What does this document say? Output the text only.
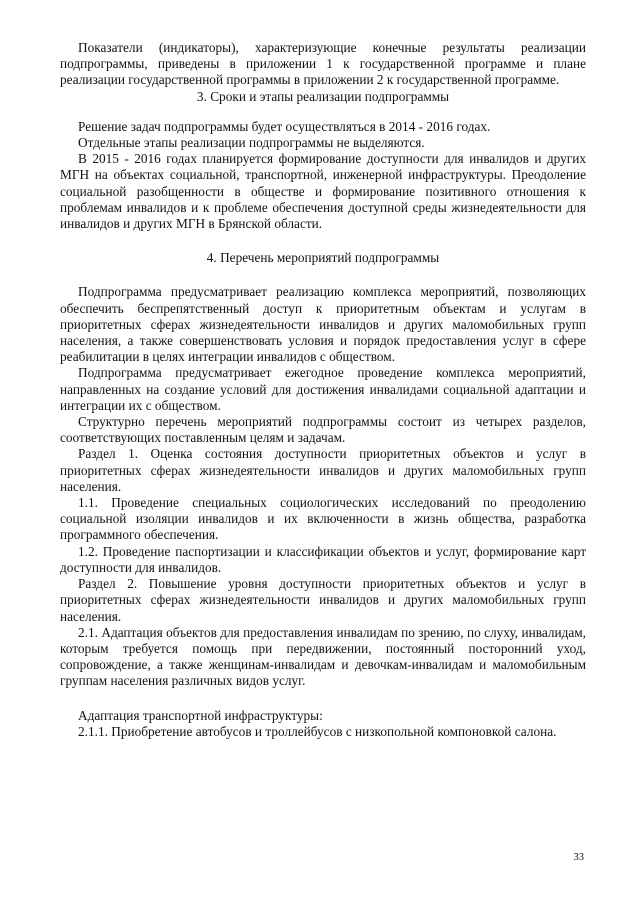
Показатели (индикаторы), характеризующие конечные результаты реализации подпрограммы, приведены в приложении 1 к государственной программе и плане реализации государственной программы в приложении 2 к государственной программе.

3. Сроки и этапы реализации подпрограммы

Решение задач подпрограммы будет осуществляться в 2014 - 2016 годах.

Отдельные этапы реализации подпрограммы не выделяются.

В 2015 - 2016 годах планируется формирование доступности для инвалидов и других МГН на объектах социальной, транспортной, инженерной инфраструктуры. Преодоление социальной разобщенности в обществе и формирование позитивного отношения к проблемам инвалидов и к проблеме обеспечения доступной среды жизнедеятельности для инвалидов и других МГН в Брянской области.

4. Перечень мероприятий подпрограммы

Подпрограмма предусматривает реализацию комплекса мероприятий, позволяющих обеспечить беспрепятственный доступ к приоритетным объектам и услугам в приоритетных сферах жизнедеятельности инвалидов и других маломобильных групп населения, а также совершенствовать условия и порядок предоставления услуг в сфере реабилитации в целях интеграции инвалидов с обществом.

Подпрограмма предусматривает ежегодное проведение комплекса мероприятий, направленных на создание условий для достижения инвалидами социальной адаптации и интеграции их с обществом.

Структурно перечень мероприятий подпрограммы состоит из четырех разделов, соответствующих поставленным целям и задачам.

Раздел 1. Оценка состояния доступности приоритетных объектов и услуг в приоритетных сферах жизнедеятельности инвалидов и других маломобильных групп населения.

1.1. Проведение специальных социологических исследований по преодолению социальной изоляции инвалидов и их включенности в жизнь общества, разработка программного обеспечения.

1.2. Проведение паспортизации и классификации объектов и услуг, формирование карт доступности для инвалидов.

Раздел 2. Повышение уровня доступности приоритетных объектов и услуг в приоритетных сферах жизнедеятельности инвалидов и других маломобильных групп населения.

2.1. Адаптация объектов для предоставления инвалидам по зрению, по слуху, инвалидам, которым требуется помощь при передвижении, постоянный посторонний уход, сопровождение, а также женщинам-инвалидам и девочкам-инвалидам и маломобильным группам населения различных видов услуг.

Адаптация транспортной инфраструктуры:

2.1.1. Приобретение автобусов и троллейбусов с низкопольной компоновкой салона.

33
